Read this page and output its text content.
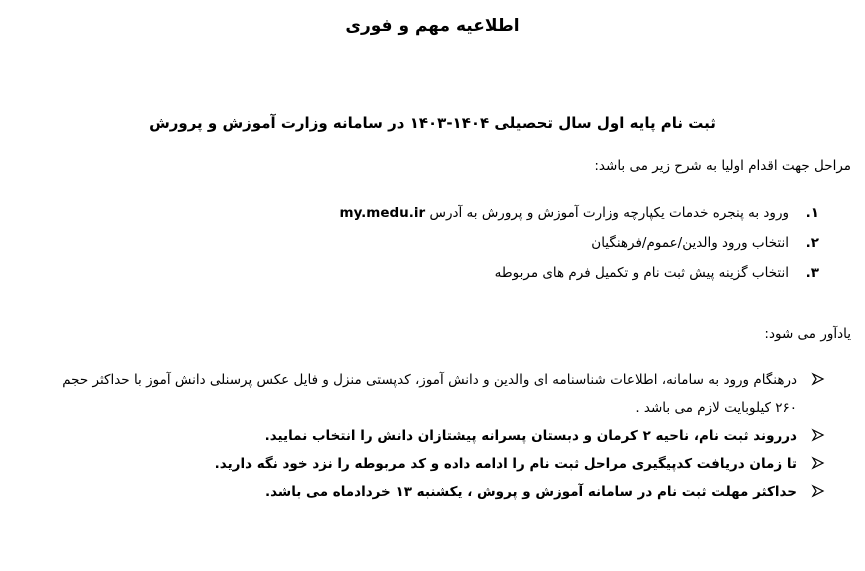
اطلاعیه مهم و فوری
ثبت نام پایه اول سال تحصیلی ۱۴۰۴-۱۴۰۳ در سامانه وزارت آموزش و پرورش
مراحل جهت اقدام اولیا به شرح زیر می باشد:
۱.
ورود به پنجره خدمات یکپارچه وزارت آموزش و پرورش به آدرس my.medu.ir
۲.
انتخاب ورود والدین/عموم/فرهنگیان
۳.
انتخاب گزینه پیش ثبت نام و تکمیل فرم های مربوطه
یادآور می شود:
درهنگام ورود به سامانه، اطلاعات شناسنامه ای والدین و دانش آموز، کدپستی منزل و فایل عکس پرسنلی دانش آموز با حداکثر حجم ۲۶۰ کیلوبایت لازم می باشد .
درروند ثبت نام، ناحیه ۲ کرمان و دبستان پسرانه پیشتازان دانش را انتخاب نمایید.
تا زمان دریافت کدپیگیری مراحل ثبت نام را ادامه داده و کد مربوطه را نزد خود نگه دارید.
حداکثر مهلت ثبت نام در سامانه آموزش و پروش ، یکشنبه ۱۳ خردادماه می باشد.
